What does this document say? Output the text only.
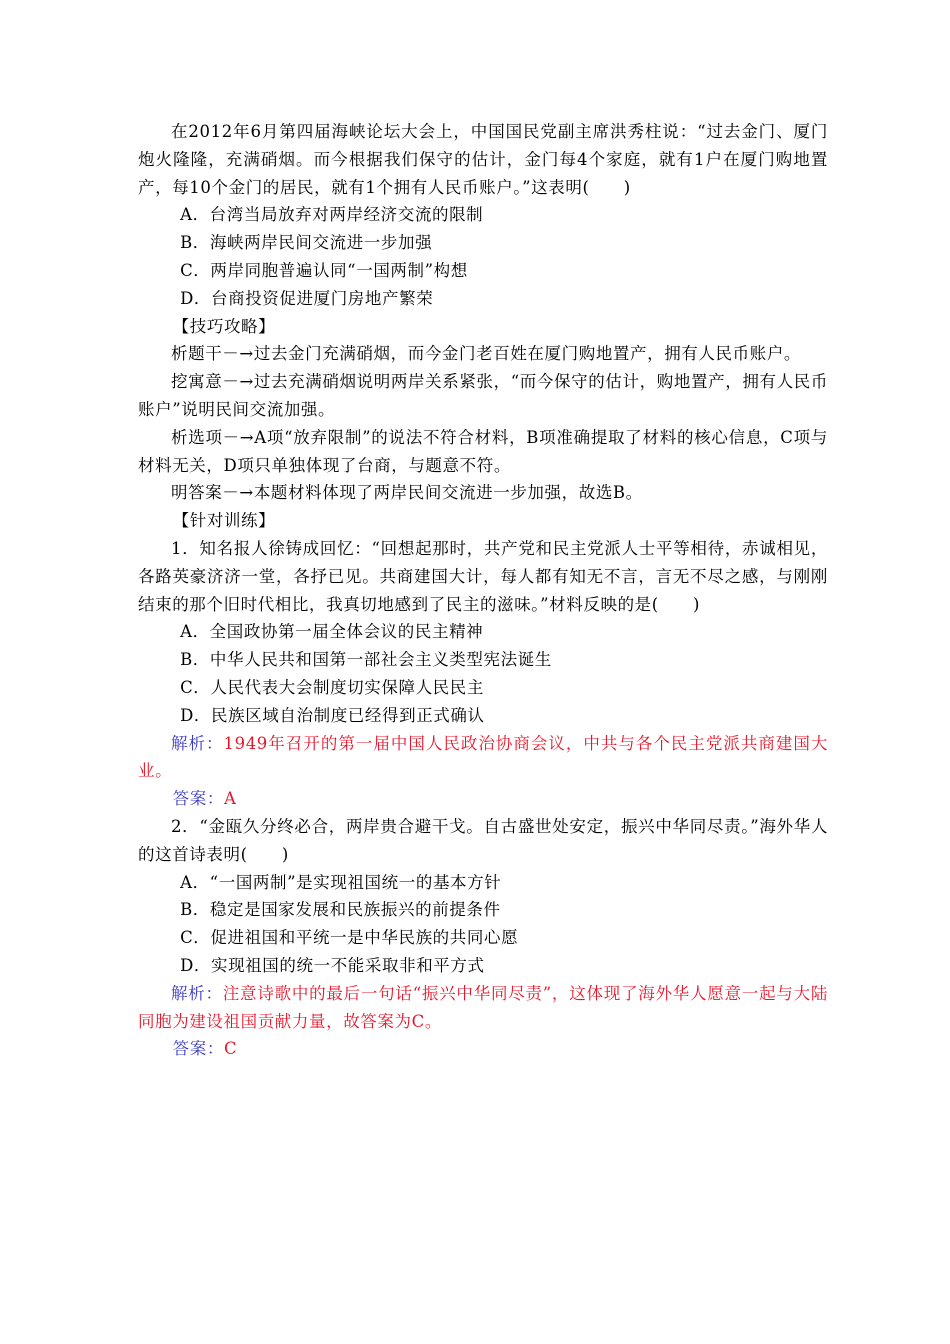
在2012年6月第四届海峡论坛大会上，中国国民党副主席洪秀柱说：“过去金门、厦门炮火隆隆，充满硝烟。而今根据我们保守的估计，金门每4个家庭，就有1户在厦门购地置产，每10个金门的居民，就有1个拥有人民币账户。”这表明(　　)

A．台湾当局放弃对两岸经济交流的限制

B．海峡两岸民间交流进一步加强

C．两岸同胞普遍认同“一国两制”构想

D．台商投资促进厦门房地产繁荣

【技巧攻略】

析题干－→过去金门充满硝烟，而今金门老百姓在厦门购地置产，拥有人民币账户。

挖寓意－→过去充满硝烟说明两岸关系紧张，“而今保守的估计，购地置产，拥有人民币账户”说明民间交流加强。

析选项－→A项“放弃限制”的说法不符合材料，B项准确提取了材料的核心信息，C项与材料无关，D项只单独体现了台商，与题意不符。

明答案－→本题材料体现了两岸民间交流进一步加强，故选B。

【针对训练】

1．知名报人徐铸成回忆：“回想起那时，共产党和民主党派人士平等相待，赤诚相见，各路英豪济济一堂，各抒已见。共商建国大计，每人都有知无不言，言无不尽之感，与刚刚结束的那个旧时代相比，我真切地感到了民主的滋味。”材料反映的是(　　)

A．全国政协第一届全体会议的民主精神

B．中华人民共和国第一部社会主义类型宪法诞生

C．人民代表大会制度切实保障人民民主

D．民族区域自治制度已经得到正式确认

解析：1949年召开的第一届中国人民政治协商会议，中共与各个民主党派共商建国大业。

答案：A

2．“金瓯久分终必合，两岸贵合避干戈。自古盛世处安定，振兴中华同尽责。”海外华人的这首诗表明(　　)

A．“一国两制”是实现祖国统一的基本方针

B．稳定是国家发展和民族振兴的前提条件

C．促进祖国和平统一是中华民族的共同心愿

D．实现祖国的统一不能采取非和平方式

解析：注意诗歌中的最后一句话“振兴中华同尽责”，这体现了海外华人愿意一起与大陆同胞为建设祖国贡献力量，故答案为C。

答案：C
